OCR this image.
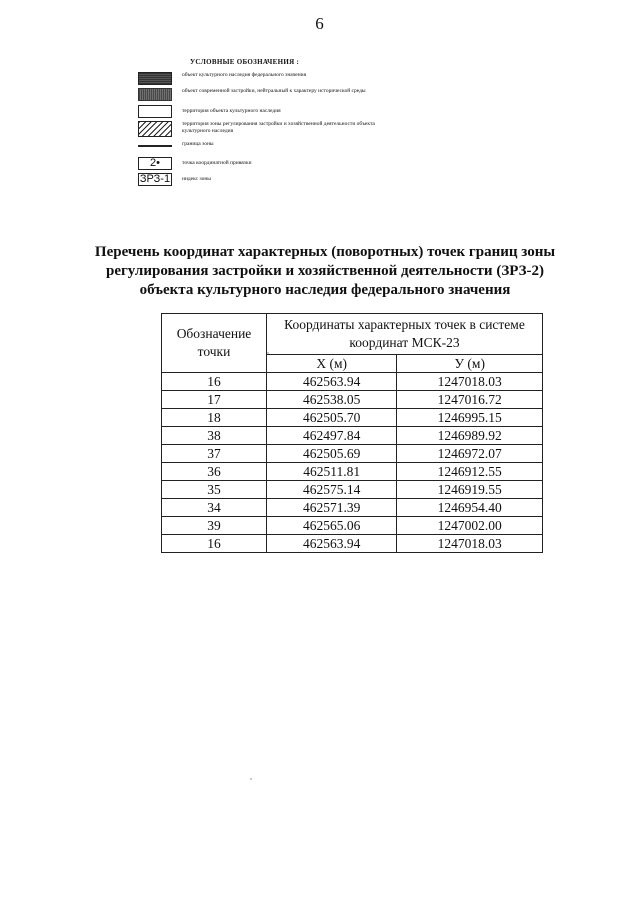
6
УСЛОВНЫЕ ОБОЗНАЧЕНИЯ :
объект культурного наследия федерального значения
объект современной застройки, нейтральный к характеру исторической среды
территория объекта культурного наследия
территория зоны регулирования застройки и хозяйственной деятельности объекта культурного наследия
граница зоны
2•	точка координатной привязки
ЗРЗ-1	индекс зоны
Перечень координат характерных (поворотных) точек границ зоны регулирования застройки и хозяйственной деятельности (ЗРЗ-2) объекта культурного наследия федерального значения
Обозначение точки	Координаты характерных точек в системе координат МСК-23	
	Х (м)	У (м)
16	462563.94	1247018.03
17	462538.05	1247016.72
18	462505.70	1246995.15
38	462497.84	1246989.92
37	462505.69	1246972.07
36	462511.81	1246912.55
35	462575.14	1246919.55
34	462571.39	1246954.40
39	462565.06	1247002.00
16	462563.94	1247018.03
